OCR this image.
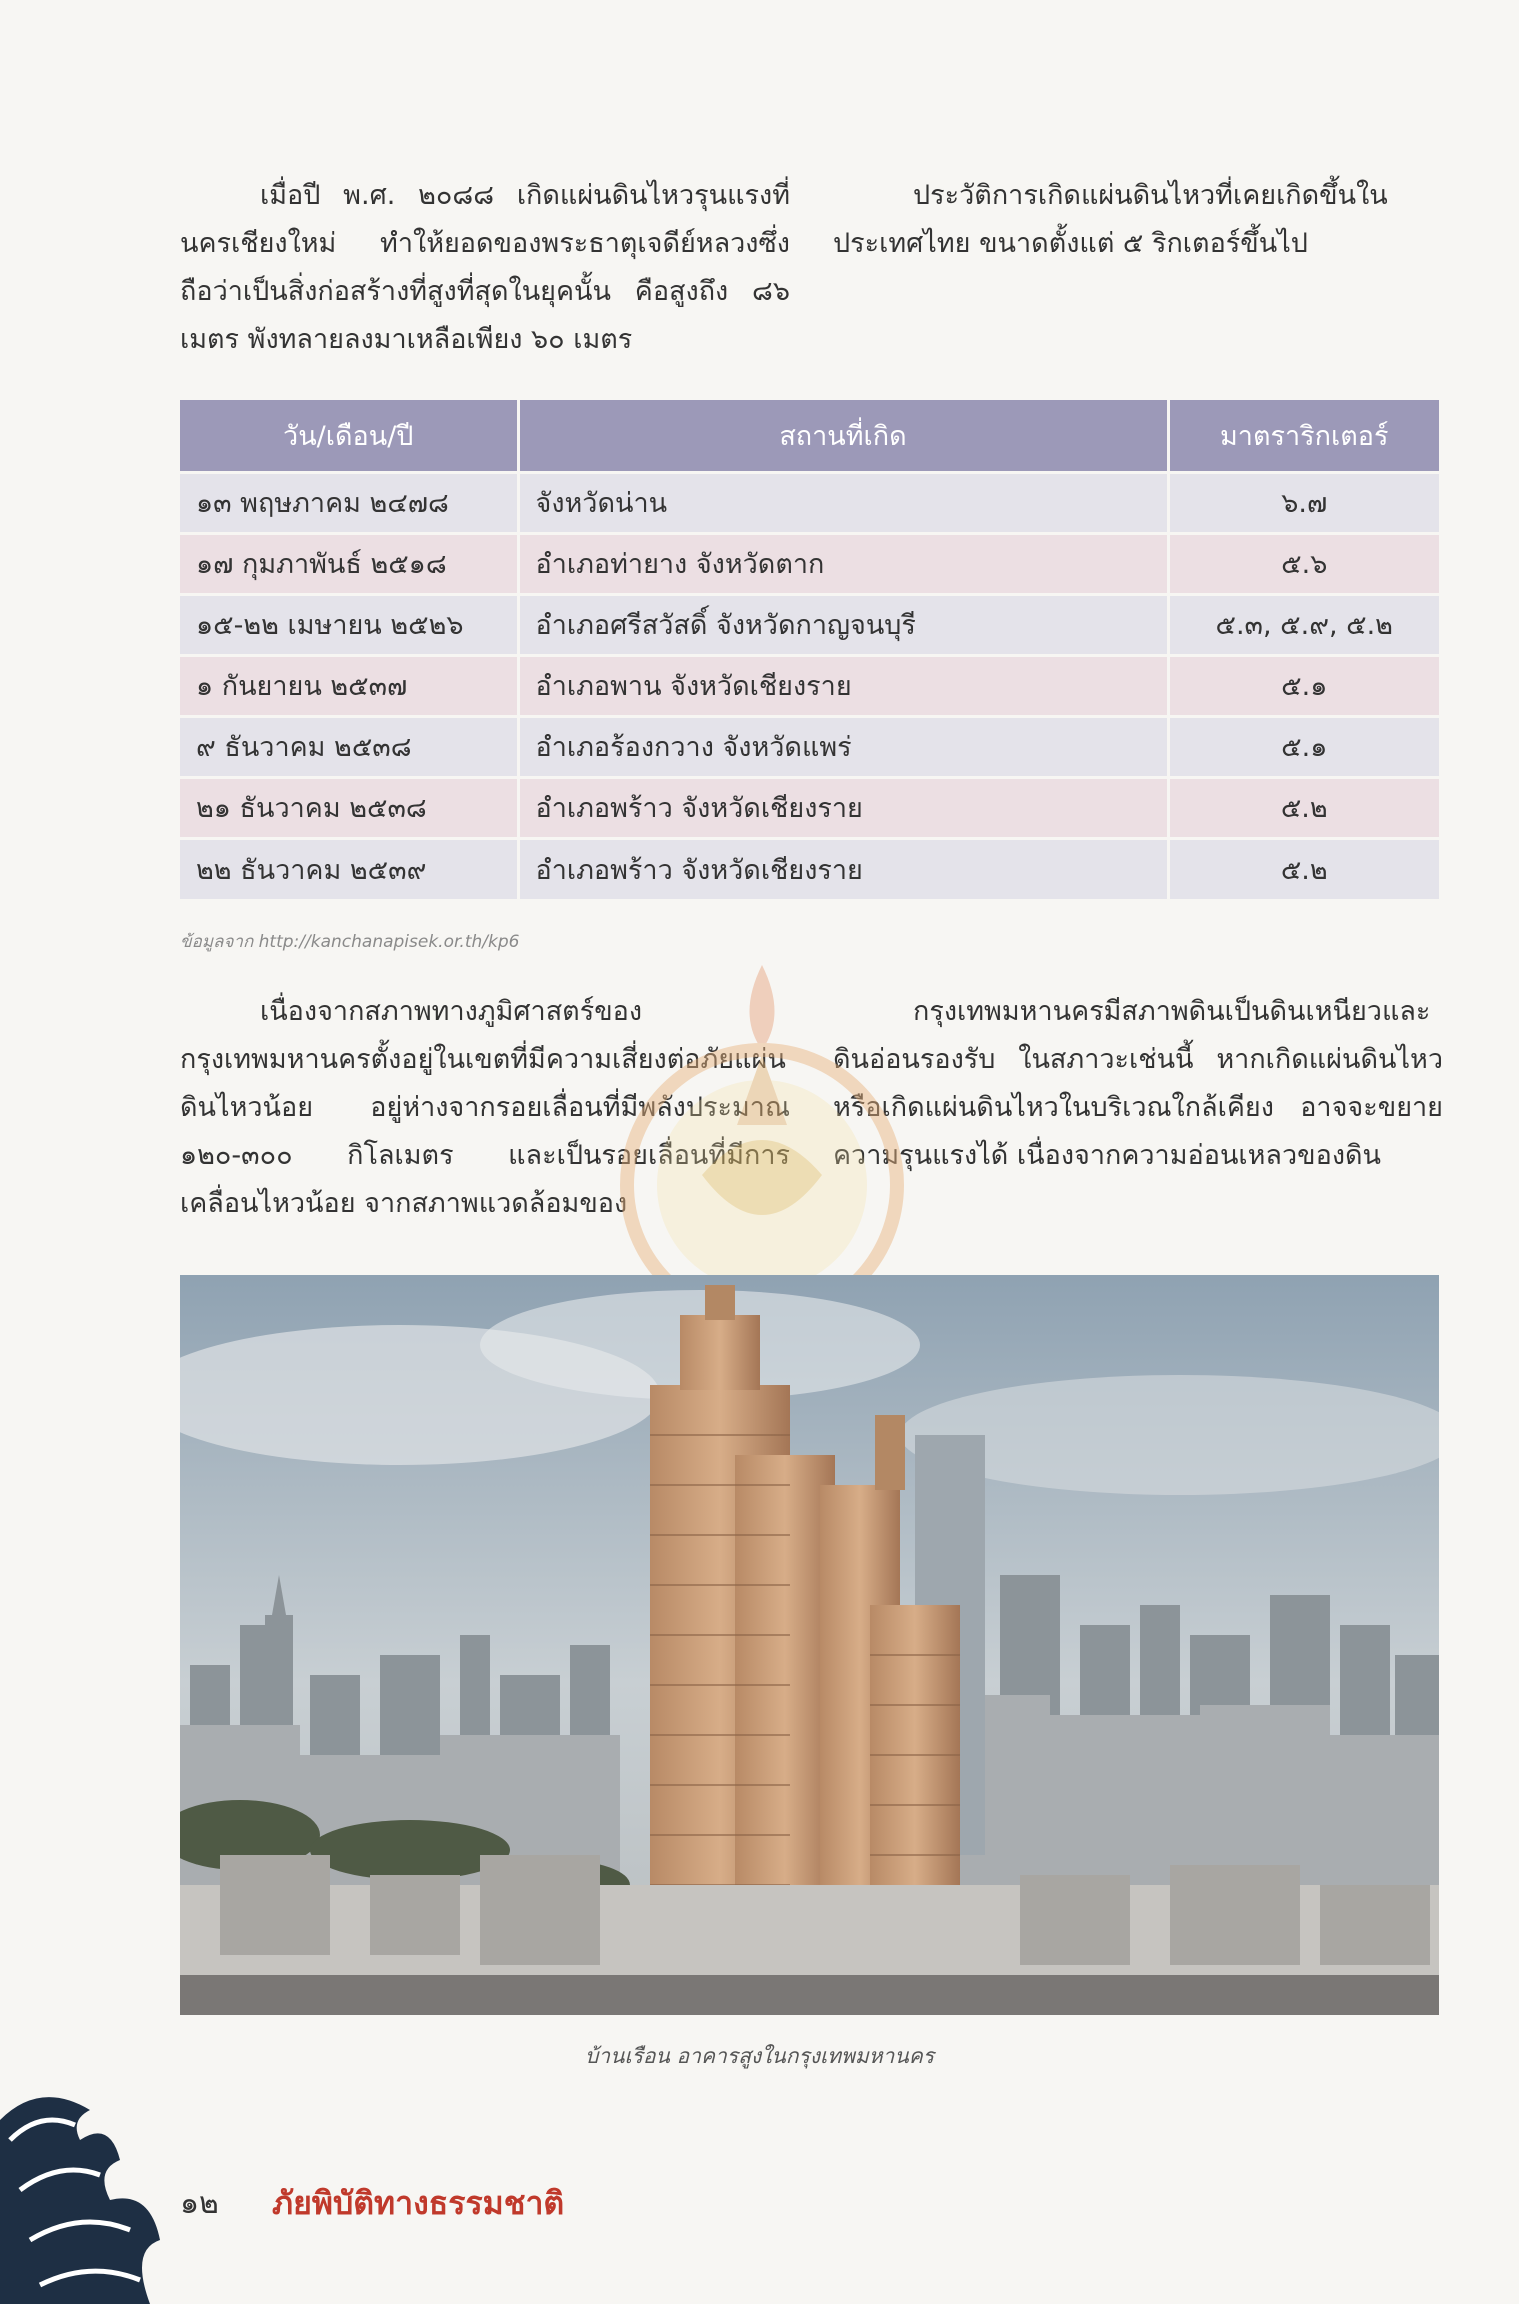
เมื่อปี พ.ศ. ๒๐๘๘ เกิดแผ่นดินไหวรุนแรงที่นครเชียงใหม่ ทำให้ยอดของพระธาตุเจดีย์หลวงซึ่งถือว่าเป็นสิ่งก่อสร้างที่สูงที่สุดในยุคนั้น คือสูงถึง ๘๖ เมตร พังทลายลงมาเหลือเพียง ๖๐ เมตร

ประวัติการเกิดแผ่นดินไหวที่เคยเกิดขึ้นในประเทศไทย ขนาดตั้งแต่ ๕ ริกเตอร์ขึ้นไป

วัน/เดือน/ปี	สถานที่เกิด	มาตราริกเตอร์
๑๓ พฤษภาคม ๒๔๗๘	จังหวัดน่าน	๖.๗
๑๗ กุมภาพันธ์ ๒๕๑๘	อำเภอท่ายาง จังหวัดตาก	๕.๖
๑๕-๒๒ เมษายน ๒๕๒๖	อำเภอศรีสวัสดิ์ จังหวัดกาญจนบุรี	๕.๓, ๕.๙, ๕.๒
๑ กันยายน ๒๕๓๗	อำเภอพาน จังหวัดเชียงราย	๕.๑
๙ ธันวาคม ๒๕๓๘	อำเภอร้องกวาง จังหวัดแพร่	๕.๑
๒๑ ธันวาคม ๒๕๓๘	อำเภอพร้าว จังหวัดเชียงราย	๕.๒
๒๒ ธันวาคม ๒๕๓๙	อำเภอพร้าว จังหวัดเชียงราย	๕.๒
ข้อมูลจาก http://kanchanapisek.or.th/kp6

เนื่องจากสภาพทางภูมิศาสตร์ของกรุงเทพมหานครตั้งอยู่ในเขตที่มีความเสี่ยงต่อภัยแผ่นดินไหวน้อย อยู่ห่างจากรอยเลื่อนที่มีพลังประมาณ ๑๒๐-๓๐๐ กิโลเมตร และเป็นรอยเลื่อนที่มีการเคลื่อนไหวน้อย จากสภาพแวดล้อมของ

กรุงเทพมหานครมีสภาพดินเป็นดินเหนียวและดินอ่อนรองรับ ในสภาวะเช่นนี้ หากเกิดแผ่นดินไหวหรือเกิดแผ่นดินไหวในบริเวณใกล้เคียง อาจจะขยายความรุนแรงได้ เนื่องจากความอ่อนเหลวของดิน

บ้านเรือน อาคารสูงในกรุงเทพมหานคร
๑๒ ภัยพิบัติทางธรรมชาติ
